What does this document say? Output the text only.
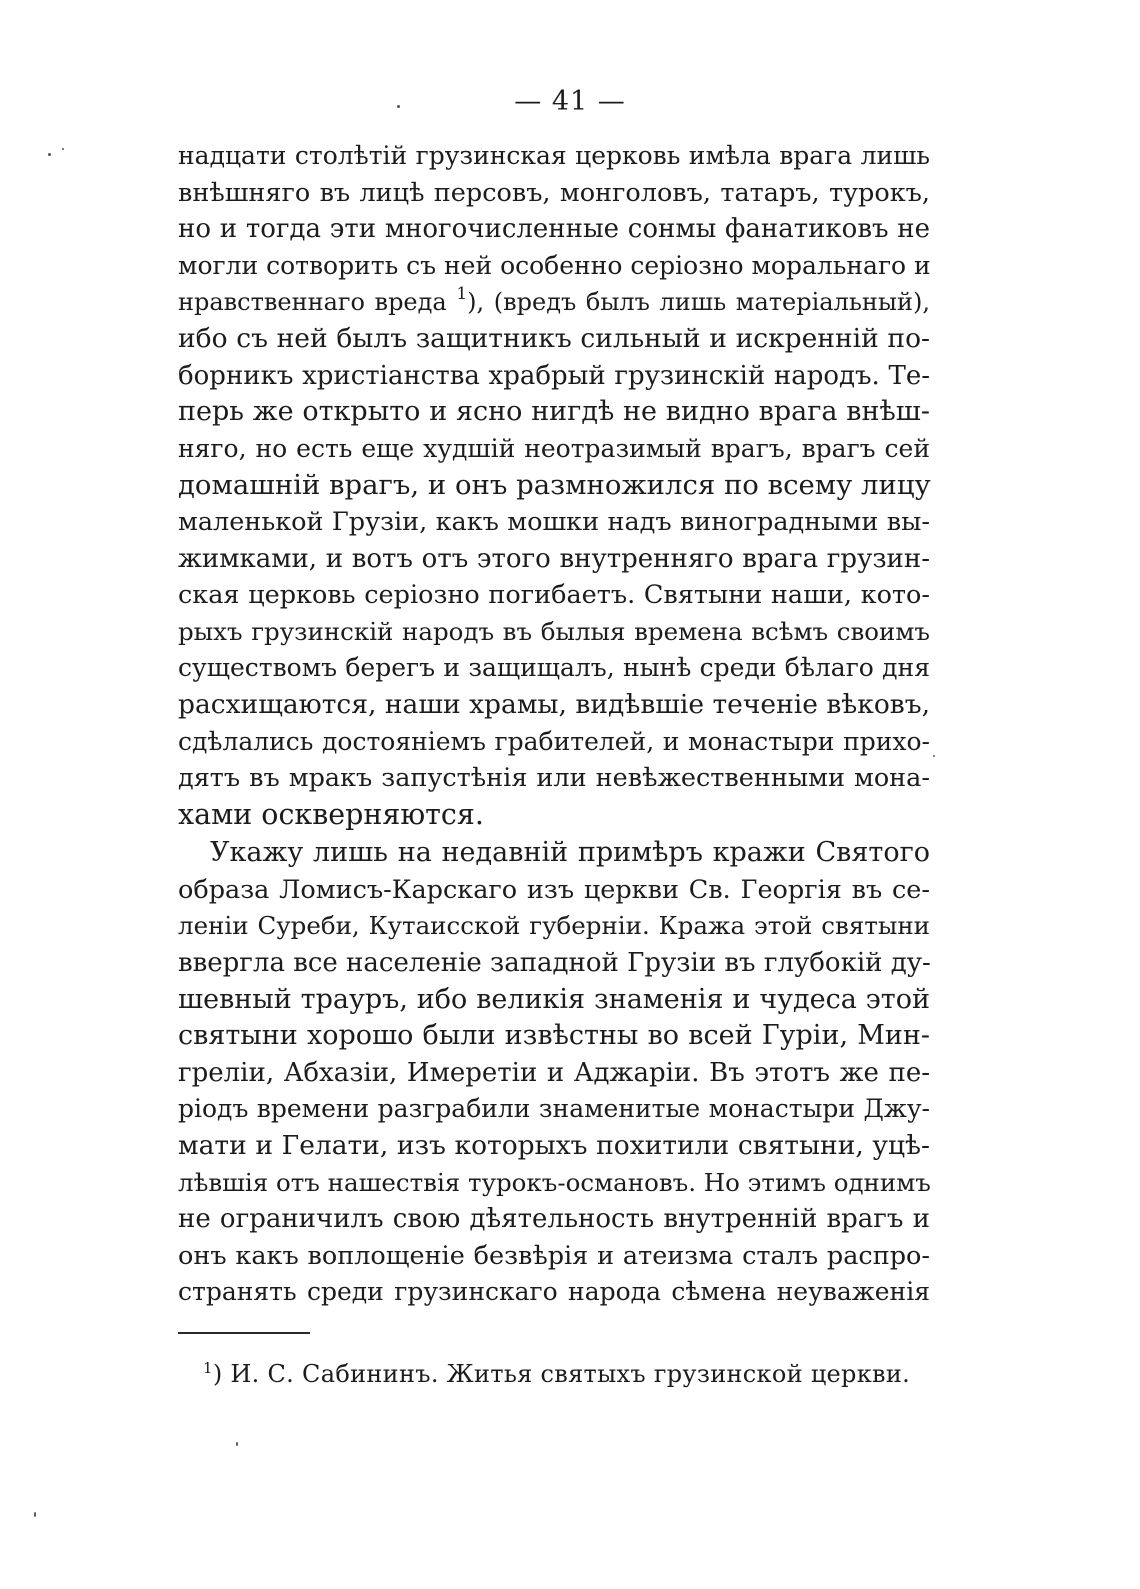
— 41 —
надцати столѣтій грузинская церковь имѣла врага лишь
внѣшняго въ лицѣ персовъ, монголовъ, татаръ, турокъ,
но и тогда эти многочисленные сонмы фанатиковъ не
могли сотворить съ ней особенно серіозно моральнаго и
нравственнаго вреда $^1$), (вредъ былъ лишь матеріальный),
ибо съ ней былъ защитникъ сильный и искренній по-
борникъ христіанства храбрый грузинскій народъ. Те-
перь же открыто и ясно нигдѣ не видно врага внѣш-
няго, но есть еще худшій неотразимый врагъ, врагъ сей
домашній врагъ, и онъ размножился по всему лицу
маленькой Грузіи, какъ мошки надъ виноградными вы-
жимками, и вотъ отъ этого внутренняго врага грузин-
ская церковь серіозно погибаетъ. Святыни наши, кото-
рыхъ грузинскій народъ въ былыя времена всѣмъ своимъ
существомъ берегъ и защищалъ, нынѣ среди бѣлаго дня
расхищаются, наши храмы, видѣвшіе теченіе вѣковъ,
сдѣлались достояніемъ грабителей, и монастыри прихо-
дятъ въ мракъ запустѣнія или невѣжественными мона-
хами оскверняются.
Укажу лишь на недавній примѣръ кражи Святого
образа Ломисъ-Карскаго изъ церкви Св. Георгія въ се-
леніи Суреби, Кутаисской губерніи. Кража этой святыни
ввергла все населеніе западной Грузіи въ глубокій ду-
шевный трауръ, ибо великія знаменія и чудеса этой
святыни хорошо были извѣстны во всей Гуріи, Мин-
греліи, Абхазіи, Имеретіи и Аджаріи. Въ этотъ же пе-
ріодъ времени разграбили знаменитые монастыри Джу-
мати и Гелати, изъ которыхъ похитили святыни, уцѣ-
лѣвшія отъ нашествія турокъ-османовъ. Но этимъ однимъ
не ограничилъ свою дѣятельность внутренній врагъ и
онъ какъ воплощеніе безвѣрія и атеизма сталъ распро-
странять среди грузинскаго народа сѣмена неуваженія
$^1$) И. С. Сабининъ. Житья святыхъ грузинской церкви.
